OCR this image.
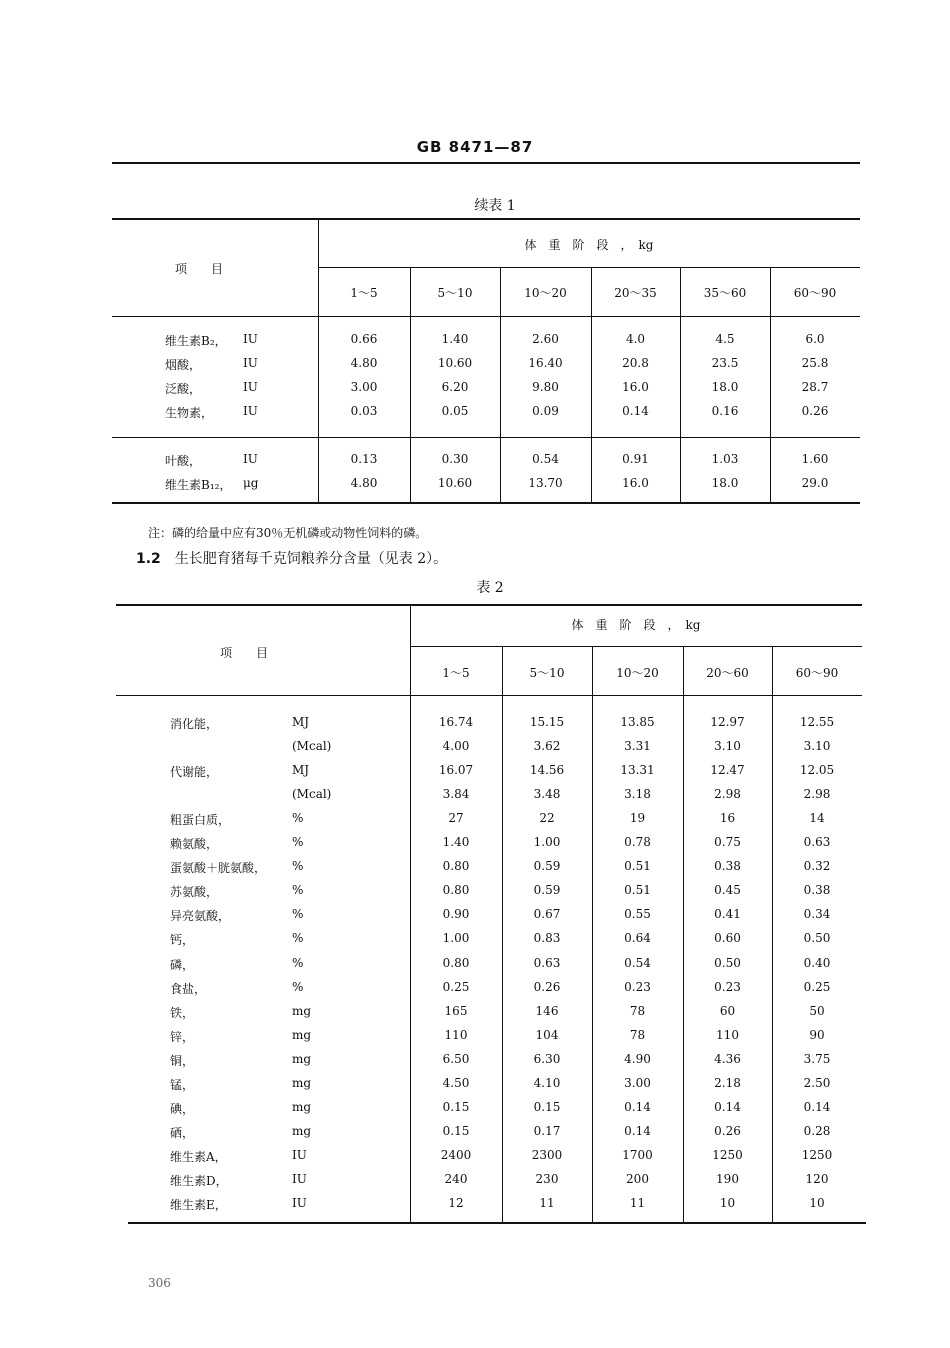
GB 8471—87
续表 1
项　　目
体　重　阶　段　，　kg
1～5	5～10	10～20	20～35	35～60	60～90
维生素B₂， IU	0.66	1.40	2.60	4.0	4.5	6.0
烟酸，	IU	4.80	10.60	16.40	20.8	23.5	25.8
泛酸，	IU	3.00	6.20	9.80	16.0	18.0	28.7
生物素， IU	0.03	0.05	0.09	0.14	0.16	0.26
叶酸，	IU	0.13	0.30	0.54	0.91	1.03	1.60
维生素B₁₂， μg	4.80	10.60	13.70	16.0	18.0	29.0
注：磷的给量中应有30％无机磷或动物性饲料的磷。
1.2 生长肥育猪每千克饲粮养分含量（见表 2）。
表 2
项　　目
体　重　阶　段　，　kg
1～5	5～10	10～20	20～60	60～90
消化能，	MJ	16.74	15.15	13.85	12.97	12.55
(Mcal)	4.00	3.62	3.31	3.10	3.10
代谢能，	MJ	16.07	14.56	13.31	12.47	12.05
(Mcal)	3.84	3.48	3.18	2.98	2.98
粗蛋白质，	%	27	22	19	16	14
赖氨酸，	%	1.40	1.00	0.78	0.75	0.63
蛋氨酸＋胱氨酸， %	0.80	0.59	0.51	0.38	0.32
苏氨酸，	%	0.80	0.59	0.51	0.45	0.38
异亮氨酸，	%	0.90	0.67	0.55	0.41	0.34
钙，	%	1.00	0.83	0.64	0.60	0.50
磷，	%	0.80	0.63	0.54	0.50	0.40
食盐，	%	0.25	0.26	0.23	0.23	0.25
铁，	mg	165	146	78	60	50
锌，	mg	110	104	78	110	90
铜，	mg	6.50	6.30	4.90	4.36	3.75
锰，	mg	4.50	4.10	3.00	2.18	2.50
碘，	mg	0.15	0.15	0.14	0.14	0.14
硒，	mg	0.15	0.17	0.14	0.26	0.28
维生素A，	IU	2400	2300	1700	1250	1250
维生素D，	IU	240	230	200	190	120
维生素E，	IU	12	11	11	10	10
306
